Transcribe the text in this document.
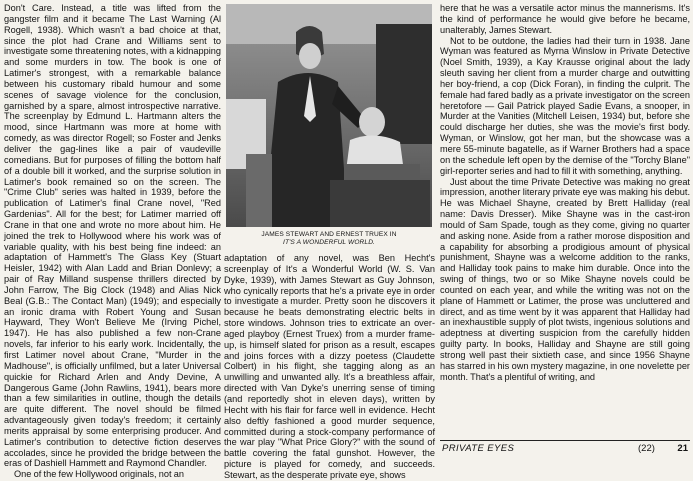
Don't Care. Instead, a title was lifted from the gangster film and it became The Last Warning (Al Rogell, 1938). Which wasn't a bad choice at that, since the plot had Crane and Williams sent to investigate some threatening notes, with a kidnapping and some murders in tow. The book is one of Latimer's strongest, with a remarkable balance between his customary ribald humour and some scenes of savage violence for the conclusion, garnished by a spare, almost introspective narrative. The screenplay by Edmund L. Hartmann alters the mood, since Hartmann was more at home with comedy, as was director Rogell; so Foster and Jenks deliver the gag-lines like a pair of vaudeville comedians. But for purposes of filling the bottom half of a double bill it worked, and the surprise solution in Latimer's book remained so on the screen. The "Crime Club" series was halted in 1939, before the publication of Latimer's final Crane novel, "Red Gardenias". All for the best; for Latimer married off Crane in that one and wrote no more about him. He joined the trek to Hollywood where his work was of variable quality, with his best being fine indeed: an adaptation of Hammett's The Glass Key (Stuart Heisler, 1942) with Alan Ladd and Brian Donlevy; a pair of Ray Milland suspense thrillers directed by John Farrow, The Big Clock (1948) and Alias Nick Beal (G.B.: The Contact Man) (1949); and especially an ironic drama with Robert Young and Susan Hayward, They Won't Believe Me (Irving Pichel, 1947). He has also published a few non-Crane novels, far inferior to his early work. Incidentally, the first Latimer novel about Crane, "Murder in the Madhouse", is officially unfilmed, but a later Universal quickie for Richard Arlen and Andy Devine, A Dangerous Game (John Rawlins, 1941), bears more than a few similarities in outline, though the details are quite different. The novel should be filmed advantageously given today's freedom; it certainly merits appraisal by some enterprising producer. And Latimer's contribution to detective fiction deserves accolades, since he provided the bridge between the eras of Dashiell Hammett and Raymond Chandler.

One of the few Hollywood originals, not an

JAMES STEWART AND ERNEST TRUEX IN
IT'S A WONDERFUL WORLD.

adaptation of any novel, was Ben Hecht's screenplay of It's a Wonderful World (W. S. Van Dyke, 1939), with James Stewart as Guy Johnson, who cynically reports that he's a private eye in order to investigate a murder. Pretty soon he discovers it because he beats demonstrating electric belts in store windows. Johnson tries to extricate an over-aged playboy (Ernest Truex) from a murder frame-up, is himself slated for prison as a result, escapes and joins forces with a dizzy poetess (Claudette Colbert) in his flight, she tagging along as an unwilling and unwanted ally. It's a breathless affair, directed with Van Dyke's unerring sense of timing (and reportedly shot in eleven days), written by Hecht with his flair for farce well in evidence. Hecht also deftly fashioned a good murder sequence, committed during a stock-company performance of the war play "What Price Glory?" with the sound of battle covering the fatal gunshot. However, the picture is played for comedy, and succeeds. Stewart, as the desperate private eye, shows

here that he was a versatile actor minus the mannerisms. It's the kind of performance he would give before he became, unalterably, James Stewart.

Not to be outdone, the ladies had their turn in 1938. Jane Wyman was featured as Myrna Winslow in Private Detective (Noel Smith, 1939), a Kay Krausse original about the lady sleuth saving her client from a murder charge and outwitting her boy-friend, a cop (Dick Foran), in finding the culprit. The female had fared badly as a private investigator on the screen heretofore — Gail Patrick played Sadie Evans, a snooper, in Murder at the Vanities (Mitchell Leisen, 1934) but, before she could discharge her duties, she was the movie's first body. Wyman, or Winslow, got her man, but the showcase was a mere 55-minute bagatelle, as if Warner Brothers had a space on the schedule left open by the demise of the "Torchy Blane" girl-reporter series and had to fill it with something, anything.

Just about the time Private Detective was making no great impression, another literary private eye was making his debut. He was Michael Shayne, created by Brett Halliday (real name: Davis Dresser). Mike Shayne was in the cast-iron mould of Sam Spade, tough as they come, giving no quarter and asking none. Aside from a rather morose disposition and a capability for absorbing a prodigious amount of physical punishment, Shayne was a welcome addition to the ranks, and Halliday took pains to make him durable. Once into the swing of things, two or so Mike Shayne novels could be counted on each year, and while the writing was not on the plane of Hammett or Latimer, the prose was uncluttered and direct, and as time went by it was apparent that Halliday had an inexhaustible supply of plot twists, ingenious solutions and adeptness at diverting suspicion from the carefully hidden guilty party. In books, Halliday and Shayne are still going strong well past their sixtieth case, and since 1956 Shayne has starred in his own mystery magazine, in one novelette per month. That's a plentiful of writing, and

PRIVATE EYES	(22) 21
